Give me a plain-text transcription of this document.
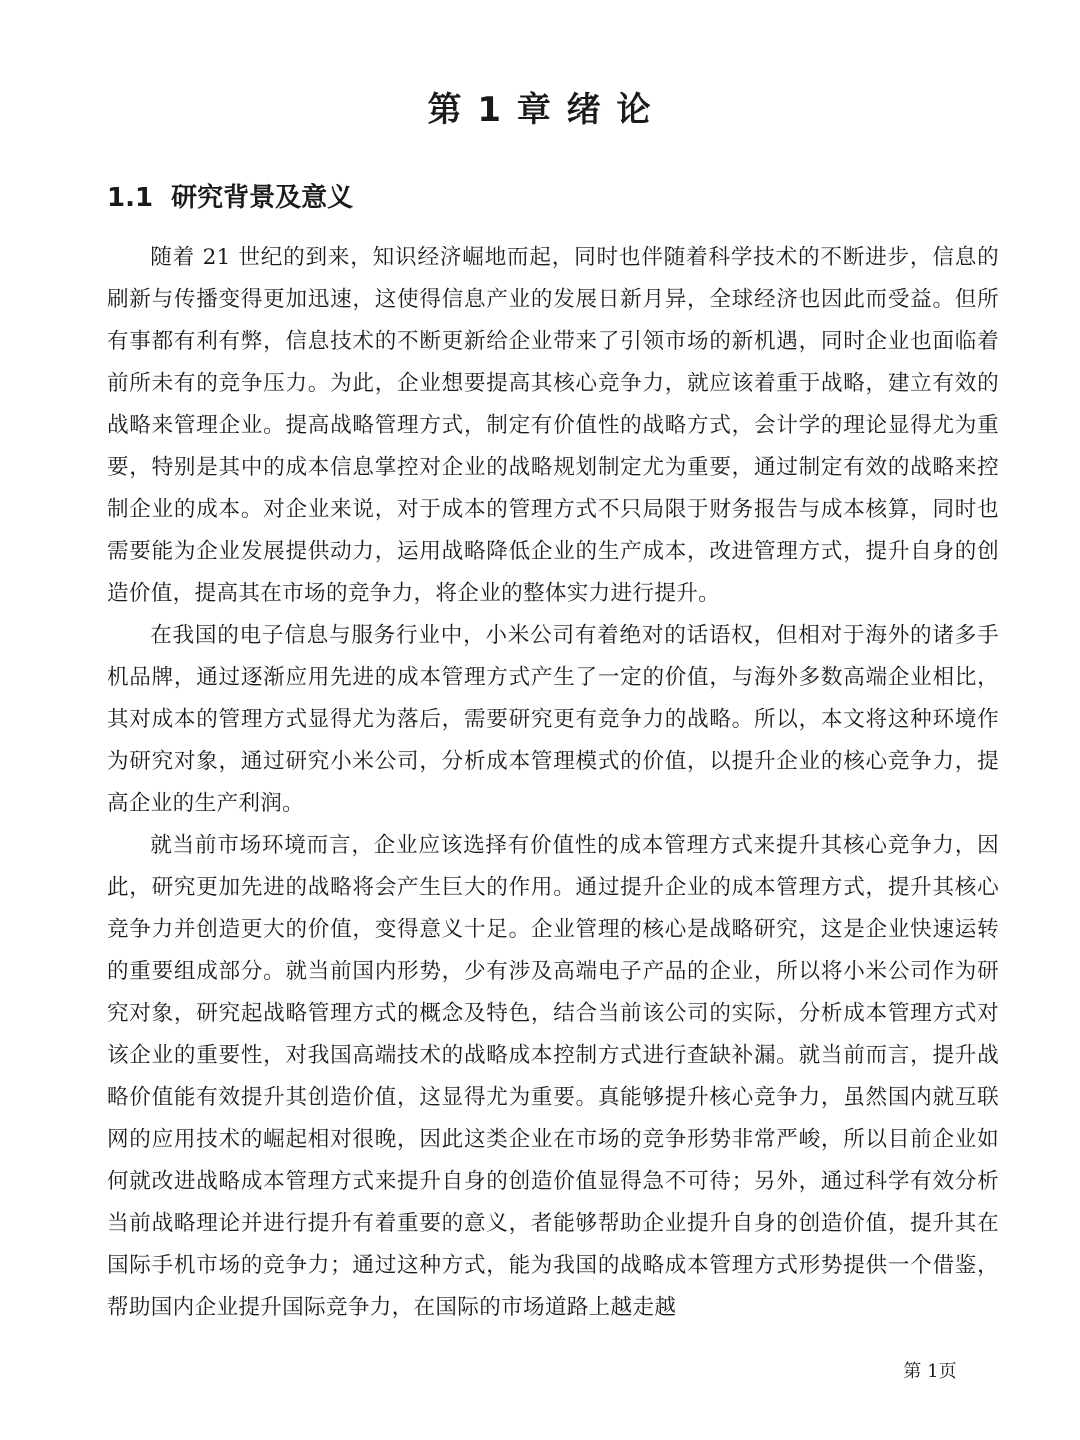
第 1 章 绪 论
1.1 研究背景及意义

随着 21 世纪的到来，知识经济崛地而起，同时也伴随着科学技术的不断进步，信息的刷新与传播变得更加迅速，这使得信息产业的发展日新月异，全球经济也因此而受益。但所有事都有利有弊，信息技术的不断更新给企业带来了引领市场的新机遇，同时企业也面临着前所未有的竞争压力。为此，企业想要提高其核心竞争力，就应该着重于战略，建立有效的战略来管理企业。提高战略管理方式，制定有价值性的战略方式，会计学的理论显得尤为重要，特别是其中的成本信息掌控对企业的战略规划制定尤为重要，通过制定有效的战略来控制企业的成本。对企业来说，对于成本的管理方式不只局限于财务报告与成本核算，同时也需要能为企业发展提供动力，运用战略降低企业的生产成本，改进管理方式，提升自身的创造价值，提高其在市场的竞争力，将企业的整体实力进行提升。

在我国的电子信息与服务行业中，小米公司有着绝对的话语权，但相对于海外的诸多手机品牌，通过逐渐应用先进的成本管理方式产生了一定的价值，与海外多数高端企业相比，其对成本的管理方式显得尤为落后，需要研究更有竞争力的战略。所以，本文将这种环境作为研究对象，通过研究小米公司，分析成本管理模式的价值，以提升企业的核心竞争力，提高企业的生产利润。

就当前市场环境而言，企业应该选择有价值性的成本管理方式来提升其核心竞争力，因此，研究更加先进的战略将会产生巨大的作用。通过提升企业的成本管理方式，提升其核心竞争力并创造更大的价值，变得意义十足。企业管理的核心是战略研究，这是企业快速运转的重要组成部分。就当前国内形势，少有涉及高端电子产品的企业，所以将小米公司作为研究对象，研究起战略管理方式的概念及特色，结合当前该公司的实际，分析成本管理方式对该企业的重要性，对我国高端技术的战略成本控制方式进行查缺补漏。就当前而言，提升战略价值能有效提升其创造价值，这显得尤为重要。真能够提升核心竞争力，虽然国内就互联网的应用技术的崛起相对很晚，因此这类企业在市场的竞争形势非常严峻，所以目前企业如何就改进战略成本管理方式来提升自身的创造价值显得急不可待；另外，通过科学有效分析当前战略理论并进行提升有着重要的意义，者能够帮助企业提升自身的创造价值，提升其在国际手机市场的竞争力；通过这种方式，能为我国的战略成本管理方式形势提供一个借鉴，帮助国内企业提升国际竞争力，在国际的市场道路上越走越

第 1页
